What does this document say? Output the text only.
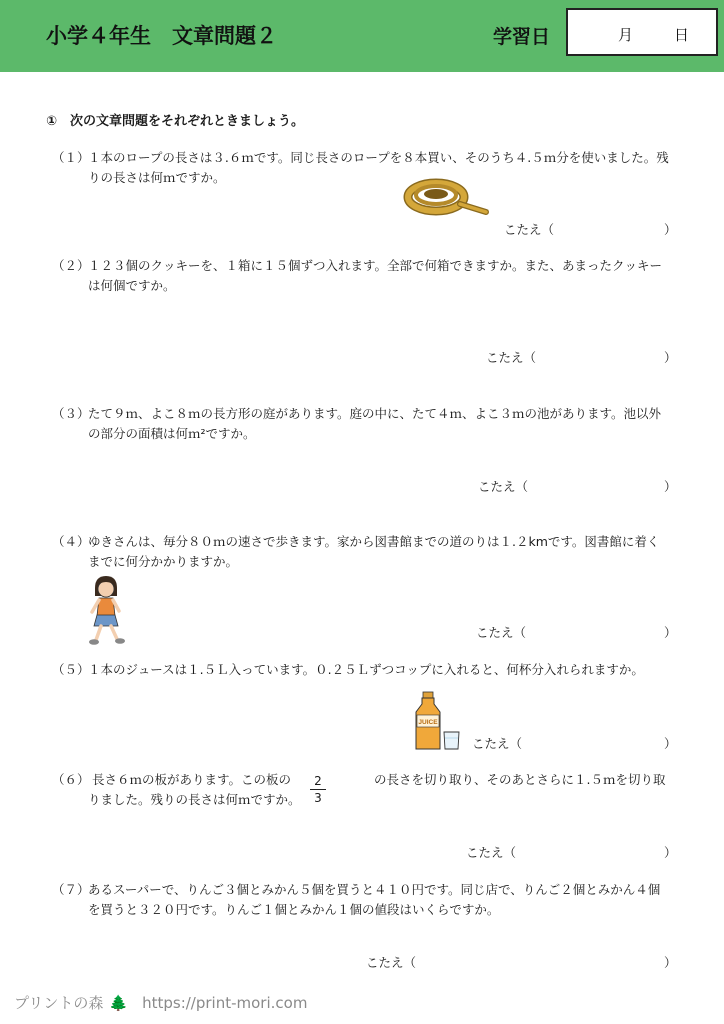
小学４年生　文章問題２	学習日	月	日
①　次の文章問題をそれぞれときましょう。
（１）
１本のロープの長さは３.６ｍです。同じ長さのロープを８本買い、そのうち４.５ｍ分を使いました。残りの長さは何ｍですか。
こたえ（	）
（２）
１２３個のクッキーを、１箱に１５個ずつ入れます。全部で何箱できますか。また、あまったクッキーは何個ですか。
こたえ（	）
（３）
たて９ｍ、よこ８ｍの長方形の庭があります。庭の中に、たて４ｍ、よこ３ｍの池があります。池以外の部分の面積は何ｍ²ですか。
こたえ（	）
（４）
ゆきさんは、毎分８０ｍの速さで歩きます。家から図書館までの道のりは１.２kmです。図書館に着くまでに何分かかりますか。
こたえ（	）
（５）
１本のジュースは１.５Ｌ入っています。０.２５Ｌずつコップに入れると、何杯分入れられますか。
JUICE
こたえ（	）
（６） 長さ６ｍの板があります。この板の	の長さを切り取り、そのあとさらに１.５ｍを切り取りました。残りの長さは何ｍですか。
2
3
こたえ（	）
（７）
あるスーパーで、りんご３個とみかん５個を買うと４１０円です。同じ店で、りんご２個とみかん４個を買うと３２０円です。りんご１個とみかん１個の値段はいくらですか。
こたえ（	）
プリントの森 🌲 https://print-mori.com
